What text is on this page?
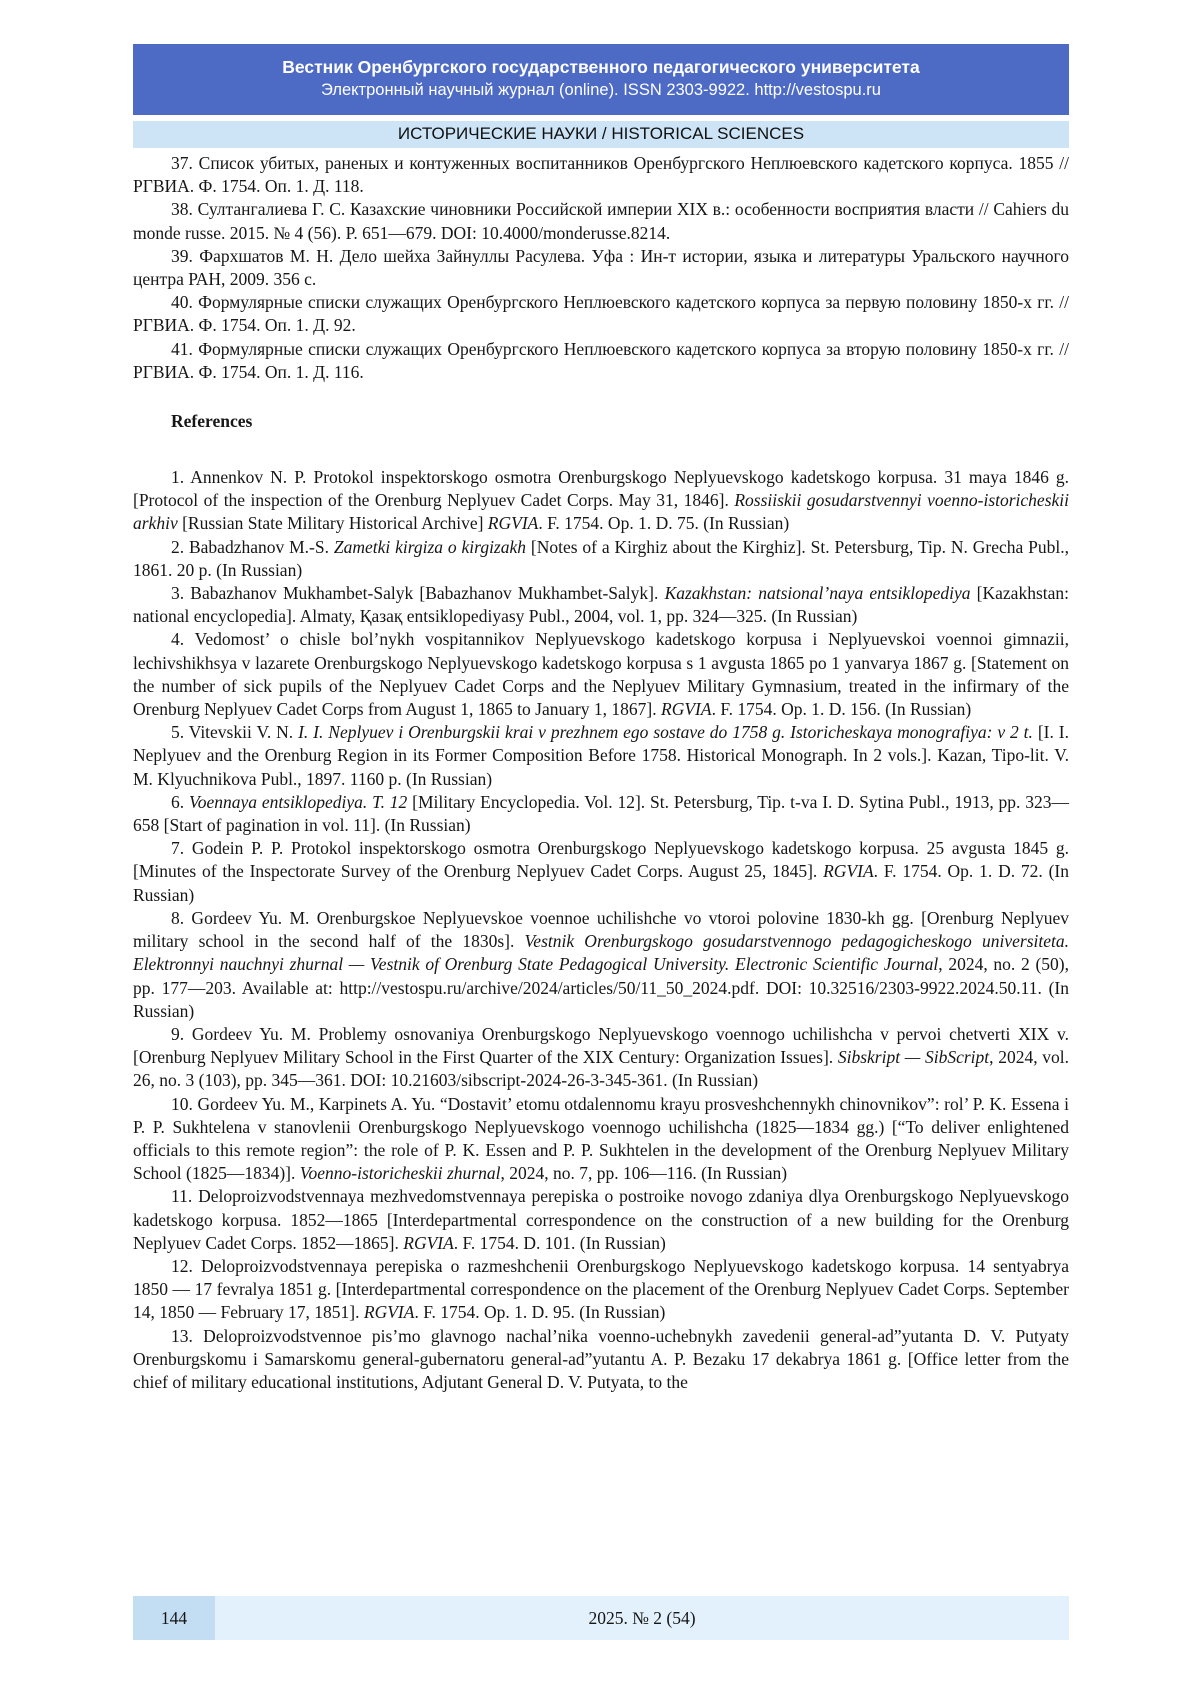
Вестник Оренбургского государственного педагогического университета
Электронный научный журнал (online). ISSN 2303-9922. http://vestospu.ru
ИСТОРИЧЕСКИЕ НАУКИ / HISTORICAL SCIENCES

37. Список убитых, раненых и контуженных воспитанников Оренбургского Неплюевского кадетского корпуса. 1855 // РГВИА. Ф. 1754. Оп. 1. Д. 118.

38. Султангалиева Г. С. Казахские чиновники Российской империи XIX в.: особенности восприятия власти // Cahiers du monde russe. 2015. № 4 (56). P. 651—679. DOI: 10.4000/monderusse.8214.

39. Фархшатов М. Н. Дело шейха Зайнуллы Расулева. Уфа : Ин-т истории, языка и литературы Уральского научного центра РАН, 2009. 356 с.

40. Формулярные списки служащих Оренбургского Неплюевского кадетского корпуса за первую половину 1850-х гг. // РГВИА. Ф. 1754. Оп. 1. Д. 92.

41. Формулярные списки служащих Оренбургского Неплюевского кадетского корпуса за вторую половину 1850-х гг. // РГВИА. Ф. 1754. Оп. 1. Д. 116.

References

1. Annenkov N. P. Protokol inspektorskogo osmotra Orenburgskogo Neplyuevskogo kadetskogo korpusa. 31 maya 1846 g. [Protocol of the inspection of the Orenburg Neplyuev Cadet Corps. May 31, 1846]. Rossiiskii gosudarstvennyi voenno-istoricheskii arkhiv [Russian State Military Historical Archive] RGVIA. F. 1754. Op. 1. D. 75. (In Russian)

2. Babadzhanov M.-S. Zametki kirgiza o kirgizakh [Notes of a Kirghiz about the Kirghiz]. St. Petersburg, Tip. N. Grecha Publ., 1861. 20 p. (In Russian)

3. Babazhanov Mukhambet-Salyk [Babazhanov Mukhambet-Salyk]. Kazakhstan: natsional’naya entsiklopediya [Kazakhstan: national encyclopedia]. Almaty, Қазақ entsiklopediyasy Publ., 2004, vol. 1, pp. 324—325. (In Russian)

4. Vedomost’ o chisle bol’nykh vospitannikov Neplyuevskogo kadetskogo korpusa i Neplyuevskoi voennoi gimnazii, lechivshikhsya v lazarete Orenburgskogo Neplyuevskogo kadetskogo korpusa s 1 avgusta 1865 po 1 yanvarya 1867 g. [Statement on the number of sick pupils of the Neplyuev Cadet Corps and the Neplyuev Military Gymnasium, treated in the infirmary of the Orenburg Neplyuev Cadet Corps from August 1, 1865 to January 1, 1867]. RGVIA. F. 1754. Op. 1. D. 156. (In Russian)

5. Vitevskii V. N. I. I. Neplyuev i Orenburgskii krai v prezhnem ego sostave do 1758 g. Istoricheskaya monografiya: v 2 t. [I. I. Neplyuev and the Orenburg Region in its Former Composition Before 1758. Historical Monograph. In 2 vols.]. Kazan, Tipo-lit. V. M. Klyuchnikova Publ., 1897. 1160 p. (In Russian)

6. Voennaya entsiklopediya. T. 12 [Military Encyclopedia. Vol. 12]. St. Petersburg, Tip. t-va I. D. Sytina Publ., 1913, pp. 323—658 [Start of pagination in vol. 11]. (In Russian)

7. Godein P. P. Protokol inspektorskogo osmotra Orenburgskogo Neplyuevskogo kadetskogo korpusa. 25 avgusta 1845 g. [Minutes of the Inspectorate Survey of the Orenburg Neplyuev Cadet Corps. August 25, 1845]. RGVIA. F. 1754. Op. 1. D. 72. (In Russian)

8. Gordeev Yu. M. Orenburgskoe Neplyuevskoe voennoe uchilishche vo vtoroi polovine 1830-kh gg. [Orenburg Neplyuev military school in the second half of the 1830s]. Vestnik Orenburgskogo gosudarstvennogo pedagogicheskogo universiteta. Elektronnyi nauchnyi zhurnal — Vestnik of Orenburg State Pedagogical University. Electronic Scientific Journal, 2024, no. 2 (50), pp. 177—203. Available at: http://vestospu.ru/archive/2024/articles/50/11_50_2024.pdf. DOI: 10.32516/2303-9922.2024.50.11. (In Russian)

9. Gordeev Yu. M. Problemy osnovaniya Orenburgskogo Neplyuevskogo voennogo uchilishcha v pervoi chetverti XIX v. [Orenburg Neplyuev Military School in the First Quarter of the XIX Century: Organization Issues]. Sibskript — SibScript, 2024, vol. 26, no. 3 (103), pp. 345—361. DOI: 10.21603/sibscript-2024-26-3-345-361. (In Russian)

10. Gordeev Yu. M., Karpinets A. Yu. “Dostavit’ etomu otdalennomu krayu prosveshchennykh chinovnikov”: rol’ P. K. Essena i P. P. Sukhtelena v stanovlenii Orenburgskogo Neplyuevskogo voennogo uchilishcha (1825—1834 gg.) [“To deliver enlightened officials to this remote region”: the role of P. K. Essen and P. P. Sukhtelen in the development of the Orenburg Neplyuev Military School (1825—1834)]. Voenno-istoricheskii zhurnal, 2024, no. 7, pp. 106—116. (In Russian)

11. Deloproizvodstvennaya mezhvedomstvennaya perepiska o postroike novogo zdaniya dlya Orenburgskogo Neplyuevskogo kadetskogo korpusa. 1852—1865 [Interdepartmental correspondence on the construction of a new building for the Orenburg Neplyuev Cadet Corps. 1852—1865]. RGVIA. F. 1754. D. 101. (In Russian)

12. Deloproizvodstvennaya perepiska o razmeshchenii Orenburgskogo Neplyuevskogo kadetskogo korpusa. 14 sentyabrya 1850 — 17 fevralya 1851 g. [Interdepartmental correspondence on the placement of the Orenburg Neplyuev Cadet Corps. September 14, 1850 — February 17, 1851]. RGVIA. F. 1754. Op. 1. D. 95. (In Russian)

13. Deloproizvodstvennoe pis’mo glavnogo nachal’nika voenno-uchebnykh zavedenii general-ad”yutanta D. V. Putyaty Orenburgskomu i Samarskomu general-gubernatoru general-ad”yutantu A. P. Bezaku 17 dekabrya 1861 g. [Office letter from the chief of military educational institutions, Adjutant General D. V. Putyata, to the

144	2025. № 2 (54)
